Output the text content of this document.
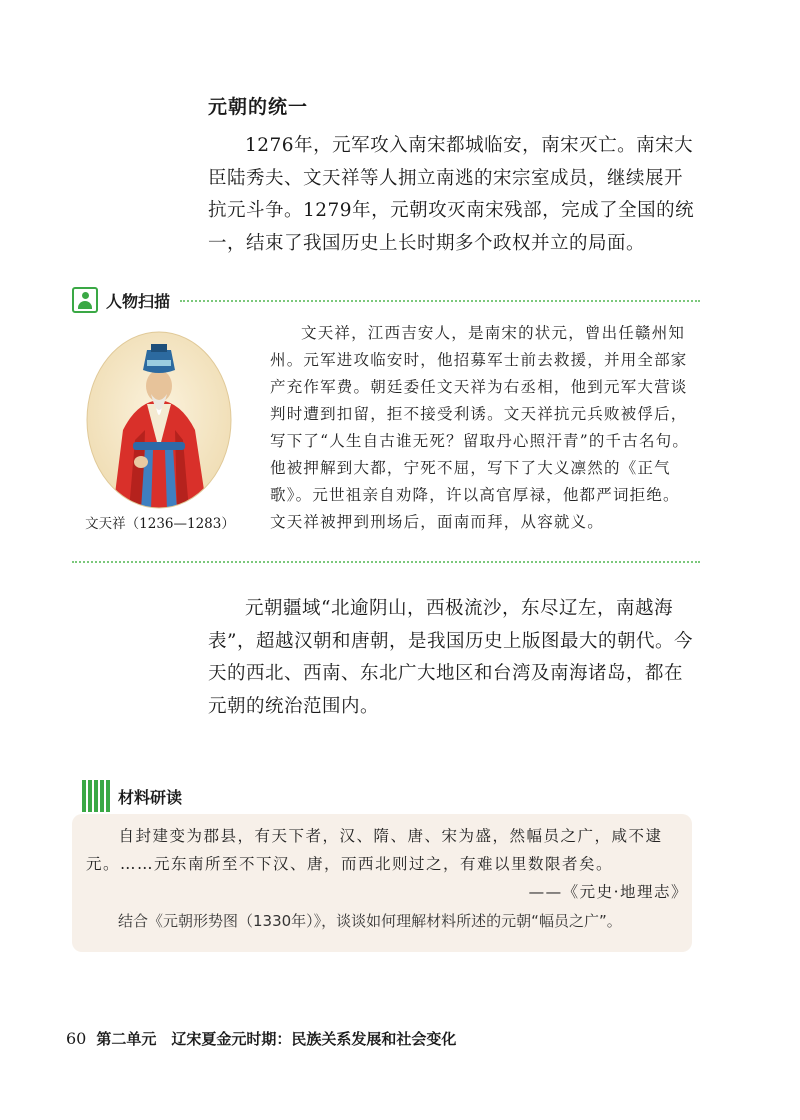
元朝的统一

1276年，元军攻入南宋都城临安，南宋灭亡。南宋大臣陆秀夫、文天祥等人拥立南逃的宋宗室成员，继续展开抗元斗争。1279年，元朝攻灭南宋残部，完成了全国的统一，结束了我国历史上长时期多个政权并立的局面。

人物扫描

文天祥（1236—1283）

文天祥，江西吉安人，是南宋的状元，曾出任赣州知州。元军进攻临安时，他招募军士前去救援，并用全部家产充作军费。朝廷委任文天祥为右丞相，他到元军大营谈判时遭到扣留，拒不接受利诱。文天祥抗元兵败被俘后，写下了“人生自古谁无死？留取丹心照汗青”的千古名句。他被押解到大都，宁死不屈，写下了大义凛然的《正气歌》。元世祖亲自劝降，许以高官厚禄，他都严词拒绝。文天祥被押到刑场后，面南而拜，从容就义。

元朝疆域“北逾阴山，西极流沙，东尽辽左，南越海表”，超越汉朝和唐朝，是我国历史上版图最大的朝代。今天的西北、西南、东北广大地区和台湾及南海诸岛，都在元朝的统治范围内。

材料研读

自封建变为郡县，有天下者，汉、隋、唐、宋为盛，然幅员之广，咸不逮元。……元东南所至不下汉、唐，而西北则过之，有难以里数限者矣。

——《元史·地理志》

结合《元朝形势图（1330年）》，谈谈如何理解材料所述的元朝“幅员之广”。

60 第二单元　辽宋夏金元时期：民族关系发展和社会变化
